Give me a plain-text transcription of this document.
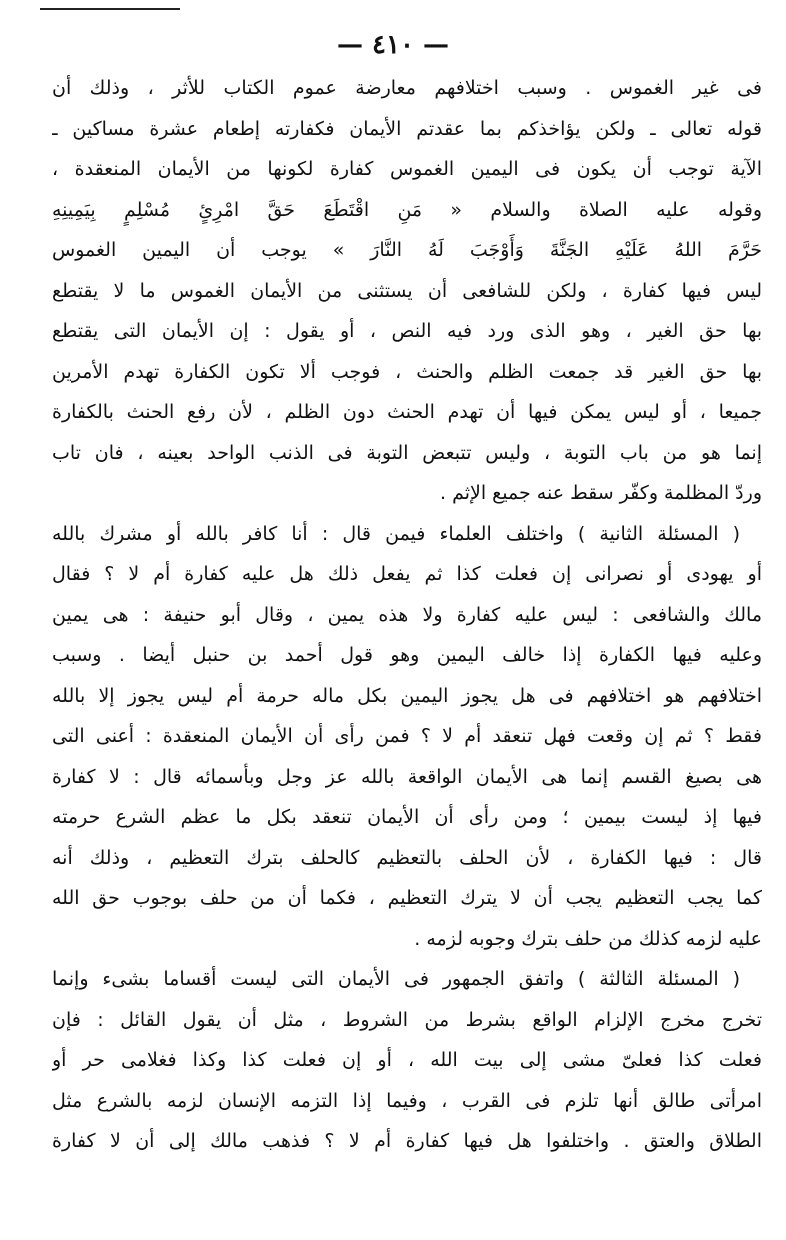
— ٤١٠ —
فى غير الغموس . وسبب اختلافهم معارضة عموم الكتاب للأثر ، وذلك أن
قوله تعالى ـ ولكن يؤاخذكم بما عقدتم الأيمان فكفارته إطعام عشرة مساكين ـ
الآية توجب أن يكون فى اليمين الغموس كفارة لكونها من الأيمان المنعقدة ،
وقوله عليه الصلاة والسلام « مَنِ اقْتَطَعَ حَقَّ امْرِئٍ مُسْلِمٍ بِيَمِينِهِ
حَرَّمَ اللهُ عَلَيْهِ الجَنَّةَ وَأَوْجَبَ لَهُ النَّارَ » يوجب أن اليمين الغموس
ليس فيها كفارة ، ولكن للشافعى أن يستثنى من الأيمان الغموس ما لا يقتطع
بها حق الغير ، وهو الذى ورد فيه النص ، أو يقول : إن الأيمان التى يقتطع
بها حق الغير قد جمعت الظلم والحنث ، فوجب ألا تكون الكفارة تهدم الأمرين
جميعا ، أو ليس يمكن فيها أن تهدم الحنث دون الظلم ، لأن رفع الحنث بالكفارة
إنما هو من باب التوبة ، وليس تتبعض التوبة فى الذنب الواحد بعينه ، فان تاب
وردّ المظلمة وكفّر سقط عنه جميع الإثم .
( المسئلة الثانية ) واختلف العلماء فيمن قال : أنا كافر بالله أو مشرك بالله
أو يهودى أو نصرانى إن فعلت كذا ثم يفعل ذلك هل عليه كفارة أم لا ؟ فقال
مالك والشافعى : ليس عليه كفارة ولا هذه يمين ، وقال أبو حنيفة : هى يمين
وعليه فيها الكفارة إذا خالف اليمين وهو قول أحمد بن حنبل أيضا . وسبب
اختلافهم هو اختلافهم فى هل يجوز اليمين بكل ماله حرمة أم ليس يجوز إلا بالله
فقط ؟ ثم إن وقعت فهل تنعقد أم لا ؟ فمن رأى أن الأيمان المنعقدة : أعنى التى
هى بصيغ القسم إنما هى الأيمان الواقعة بالله عز وجل وبأسمائه قال : لا كفارة
فيها إذ ليست بيمين ؛ ومن رأى أن الأيمان تنعقد بكل ما عظم الشرع حرمته
قال : فيها الكفارة ، لأن الحلف بالتعظيم كالحلف بترك التعظيم ، وذلك أنه
كما يجب التعظيم يجب أن لا يترك التعظيم ، فكما أن من حلف بوجوب حق الله
عليه لزمه كذلك من حلف بترك وجوبه لزمه .
( المسئلة الثالثة ) واتفق الجمهور فى الأيمان التى ليست أقساما بشىء وإنما
تخرج مخرج الإلزام الواقع بشرط من الشروط ، مثل أن يقول القائل : فإن
فعلت كذا فعلىّ مشى إلى بيت الله ، أو إن فعلت كذا وكذا فغلامى حر أو
امرأتى طالق أنها تلزم فى القرب ، وفيما إذا التزمه الإنسان لزمه بالشرع مثل
الطلاق والعتق . واختلفوا هل فيها كفارة أم لا ؟ فذهب مالك إلى أن لا كفارة
